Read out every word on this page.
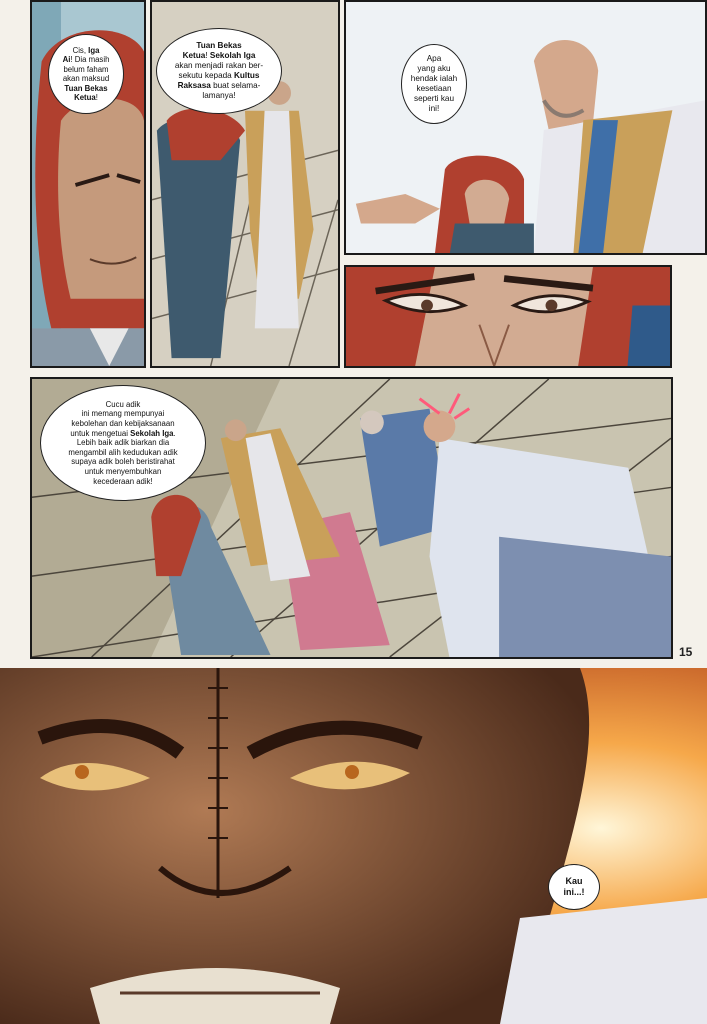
Cis, Iga
Ai! Dia masih
belum faham
akan maksud
Tuan Bekas
Ketua!
Tuan Bekas
Ketua! Sekolah Iga
akan menjadi rakan ber-
sekutu kepada Kultus
Raksasa buat selama-
lamanya!
Apa
yang aku
hendak ialah
kesetiaan
seperti kau
ini!
Cucu adik
ini memang mempunyai
kebolehan dan kebijaksanaan
untuk mengetuai Sekolah Iga.
Lebih baik adik biarkan dia
mengambil alih kedudukan adik
supaya adik boleh beristirahat
untuk menyembuhkan
kecederaan adik!
15
Kau
ini...!
